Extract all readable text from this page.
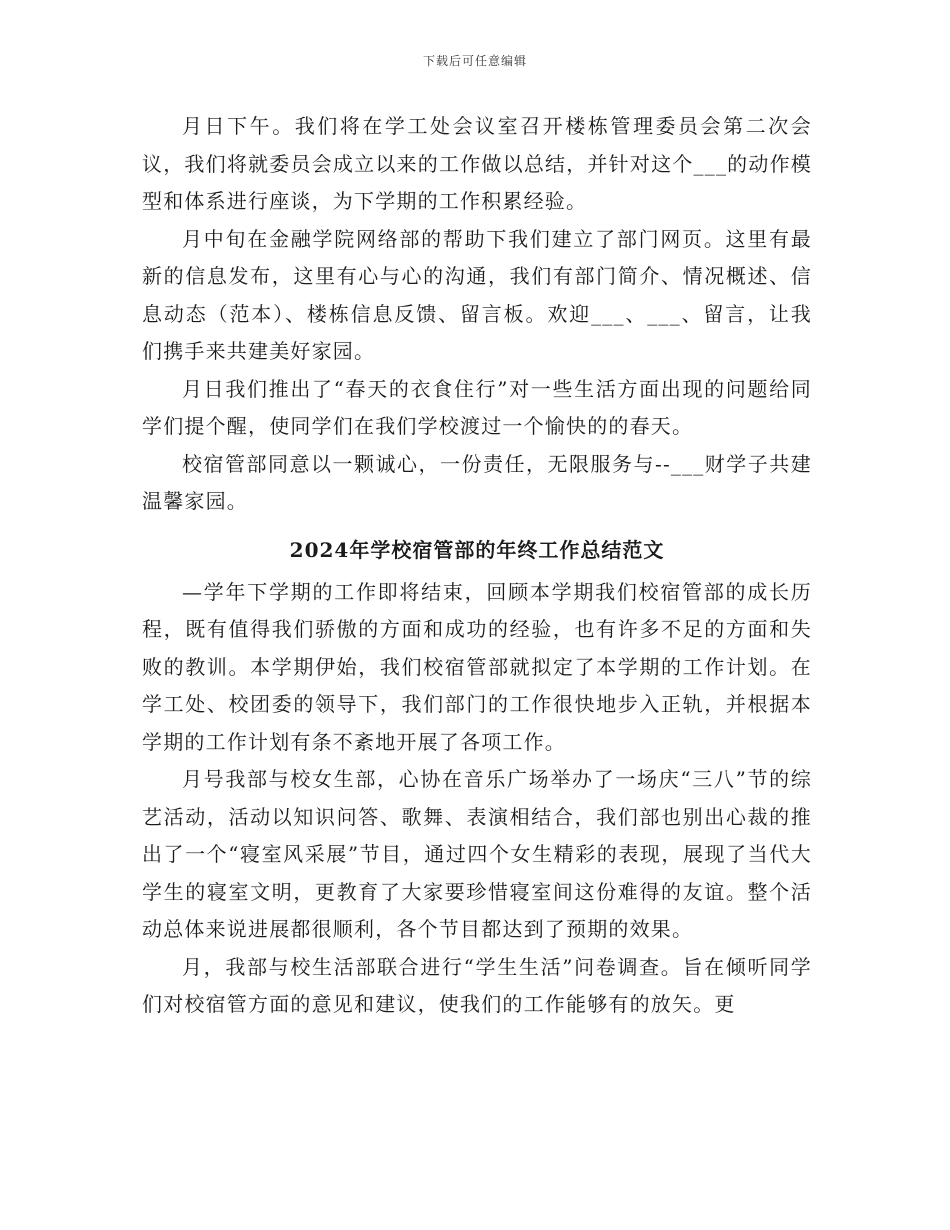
下载后可任意编辑

月日下午。我们将在学工处会议室召开楼栋管理委员会第二次会议，我们将就委员会成立以来的工作做以总结，并针对这个___的动作模型和体系进行座谈，为下学期的工作积累经验。

月中旬在金融学院网络部的帮助下我们建立了部门网页。这里有最新的信息发布，这里有心与心的沟通，我们有部门简介、情况概述、信息动态（范本）、楼栋信息反馈、留言板。欢迎___、___、留言，让我们携手来共建美好家园。

月日我们推出了“春天的衣食住行”对一些生活方面出现的问题给同学们提个醒，使同学们在我们学校渡过一个愉快的的春天。

校宿管部同意以一颗诚心，一份责任，无限服务与--___财学子共建温馨家园。

2024年学校宿管部的年终工作总结范文

—学年下学期的工作即将结束，回顾本学期我们校宿管部的成长历程，既有值得我们骄傲的方面和成功的经验，也有许多不足的方面和失败的教训。本学期伊始，我们校宿管部就拟定了本学期的工作计划。在学工处、校团委的领导下，我们部门的工作很快地步入正轨，并根据本学期的工作计划有条不紊地开展了各项工作。

月号我部与校女生部，心协在音乐广场举办了一场庆“三八”节的综艺活动，活动以知识问答、歌舞、表演相结合，我们部也别出心裁的推出了一个“寝室风采展”节目，通过四个女生精彩的表现，展现了当代大学生的寝室文明，更教育了大家要珍惜寝室间这份难得的友谊。整个活动总体来说进展都很顺利，各个节目都达到了预期的效果。

月，我部与校生活部联合进行“学生生活”问卷调查。旨在倾听同学们对校宿管方面的意见和建议，使我们的工作能够有的放矢。更
